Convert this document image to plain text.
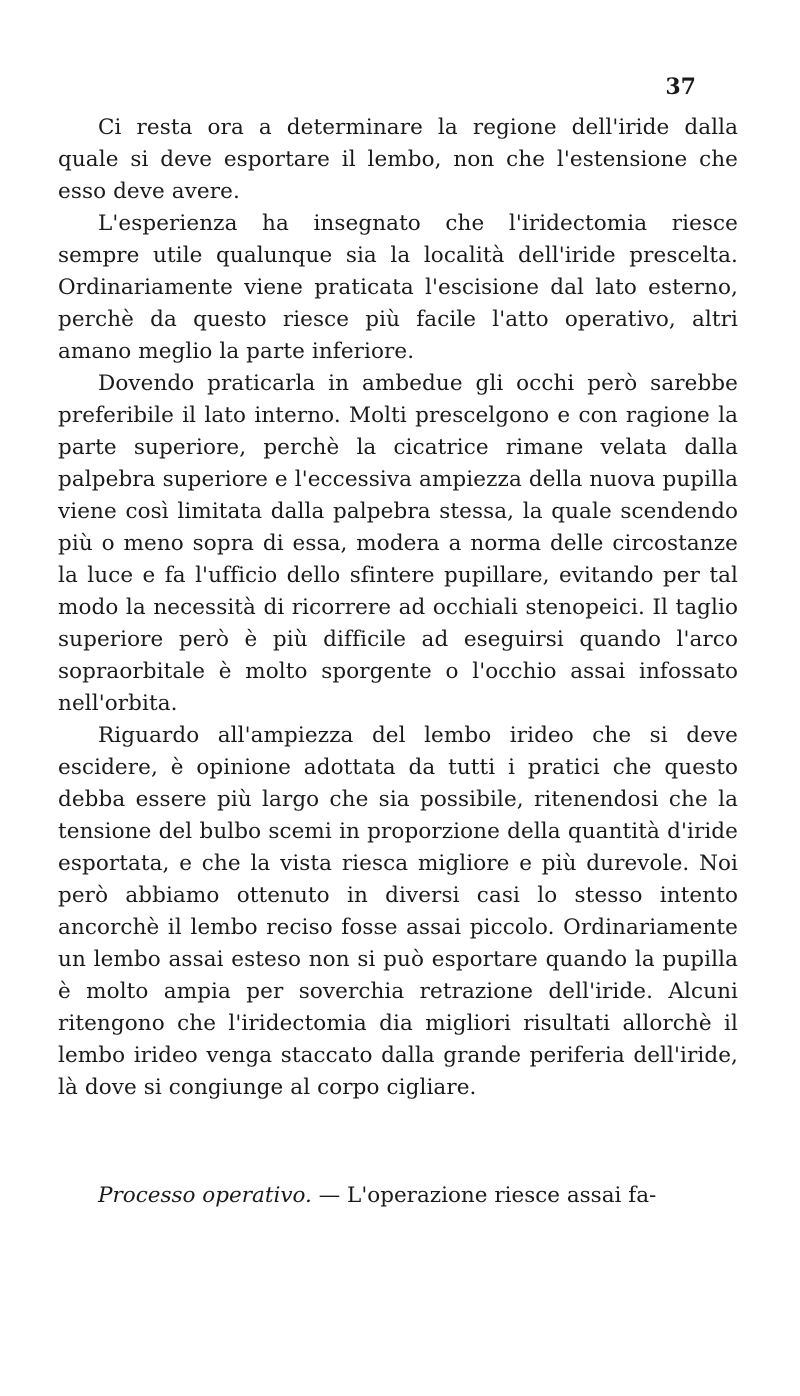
37

Ci resta ora a determinare la regione dell'iride dalla quale si deve esportare il lembo, non che l'estensione che esso deve avere.

L'esperienza ha insegnato che l'iridectomia riesce sempre utile qualunque sia la località dell'iride prescelta. Ordinariamente viene praticata l'escisione dal lato esterno, perchè da questo riesce più facile l'atto operativo, altri amano meglio la parte inferiore.

Dovendo praticarla in ambedue gli occhi però sarebbe preferibile il lato interno. Molti prescelgono e con ragione la parte superiore, perchè la cicatrice rimane velata dalla palpebra superiore e l'eccessiva ampiezza della nuova pupilla viene così limitata dalla palpebra stessa, la quale scendendo più o meno sopra di essa, modera a norma delle circostanze la luce e fa l'ufficio dello sfintere pupillare, evitando per tal modo la necessità di ricorrere ad occhiali stenopeici. Il taglio superiore però è più difficile ad eseguirsi quando l'arco sopraorbitale è molto sporgente o l'occhio assai infossato nell'orbita.

Riguardo all'ampiezza del lembo irideo che si deve escidere, è opinione adottata da tutti i pratici che questo debba essere più largo che sia possibile, ritenendosi che la tensione del bulbo scemi in proporzione della quantità d'iride esportata, e che la vista riesca migliore e più durevole. Noi però abbiamo ottenuto in diversi casi lo stesso intento ancorchè il lembo reciso fosse assai piccolo. Ordinariamente un lembo assai esteso non si può esportare quando la pupilla è molto ampia per soverchia retrazione dell'iride. Alcuni ritengono che l'iridectomia dia migliori risultati allorchè il lembo irideo venga staccato dalla grande periferia dell'iride, là dove si congiunge al corpo cigliare.

Processo operativo. — L'operazione riesce assai fa-
